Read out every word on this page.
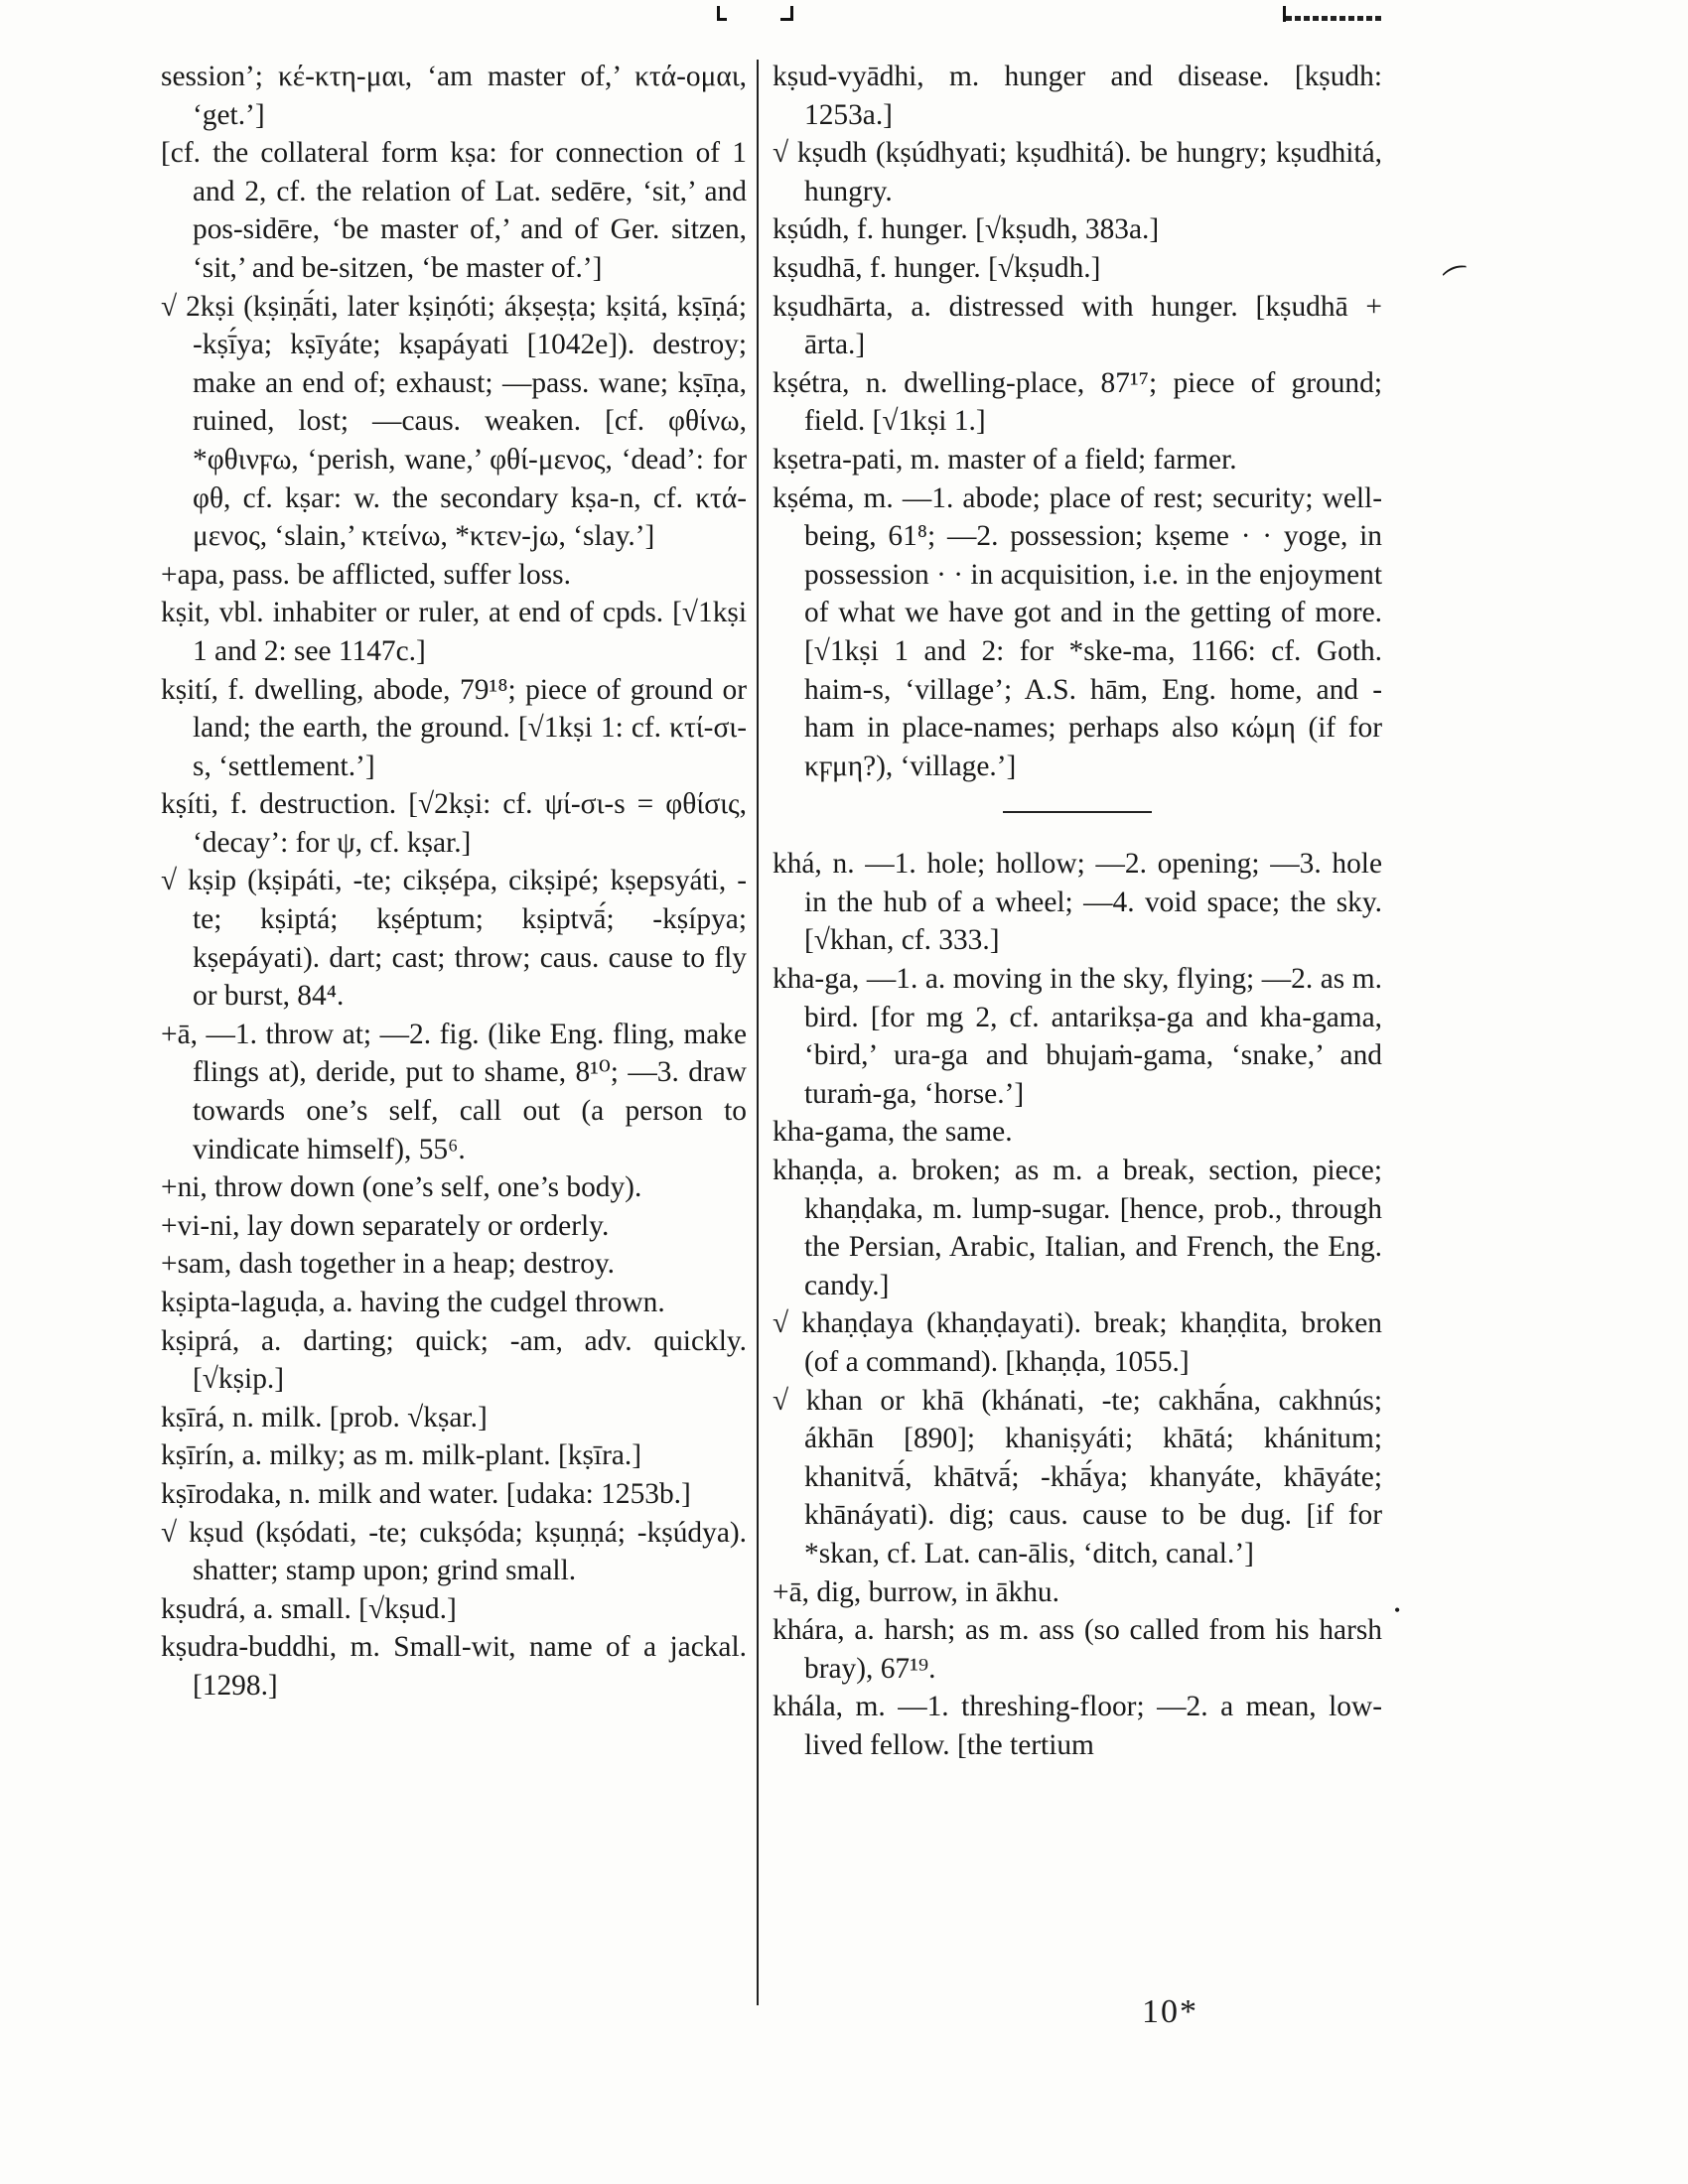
session’; κέ-κτη-μαι, ‘am master of,’ κτά-ομαι, ‘get.’]

[cf. the collateral form kṣa: for connection of 1 and 2, cf. the relation of Lat. sedēre, ‘sit,’ and pos-sidēre, ‘be master of,’ and of Ger. sitzen, ‘sit,’ and be-sitzen, ‘be master of.’]

√ 2kṣi (kṣiṇā́ti, later kṣiṇóti; ákṣeṣṭa; kṣitá, kṣīṇá; -kṣī́ya; kṣīyáte; kṣapáyati [1042e]). destroy; make an end of; exhaust; —pass. wane; kṣīṇa, ruined, lost; —caus. weaken. [cf. φθίνω, *φθινϝω, ‘perish, wane,’ φθί-μενος, ‘dead’: for φθ, cf. kṣar: w. the secondary kṣa-n, cf. κτά-μενος, ‘slain,’ κτείνω, *κτεν-jω, ‘slay.’]

+apa, pass. be afflicted, suffer loss.

kṣit, vbl. inhabiter or ruler, at end of cpds. [√1kṣi 1 and 2: see 1147c.]

kṣití, f. dwelling, abode, 79¹⁸; piece of ground or land; the earth, the ground. [√1kṣi 1: cf. κτί-σι-s, ‘settlement.’]

kṣíti, f. destruction. [√2kṣi: cf. ψί-σι-s = φθίσις, ‘decay’: for ψ, cf. kṣar.]

√ kṣip (kṣipáti, -te; cikṣépa, cikṣipé; kṣepsyáti, -te; kṣiptá; kṣéptum; kṣiptvā́; -kṣípya; kṣepáyati). dart; cast; throw; caus. cause to fly or burst, 84⁴.

+ā, —1. throw at; —2. fig. (like Eng. fling, make flings at), deride, put to shame, 8¹⁰; —3. draw towards one’s self, call out (a person to vindicate himself), 55⁶.

+ni, throw down (one’s self, one’s body).

+vi-ni, lay down separately or orderly.

+sam, dash together in a heap; destroy.

kṣipta-laguḍa, a. having the cudgel thrown.

kṣiprá, a. darting; quick; -am, adv. quickly. [√kṣip.]

kṣīrá, n. milk. [prob. √kṣar.]

kṣīrín, a. milky; as m. milk-plant. [kṣīra.]

kṣīrodaka, n. milk and water. [udaka: 1253b.]

√ kṣud (kṣódati, -te; cukṣóda; kṣuṇṇá; -kṣúdya). shatter; stamp upon; grind small.

kṣudrá, a. small. [√kṣud.]

kṣudra-buddhi, m. Small-wit, name of a jackal. [1298.]

kṣud-vyādhi, m. hunger and disease. [kṣudh: 1253a.]

√ kṣudh (kṣúdhyati; kṣudhitá). be hungry; kṣudhitá, hungry.

kṣúdh, f. hunger. [√kṣudh, 383a.]

kṣudhā, f. hunger. [√kṣudh.]

kṣudhārta, a. distressed with hunger. [kṣudhā + ārta.]

kṣétra, n. dwelling-place, 87¹⁷; piece of ground; field. [√1kṣi 1.]

kṣetra-pati, m. master of a field; farmer.

kṣéma, m. —1. abode; place of rest; security; well-being, 61⁸; —2. possession; kṣeme · · yoge, in possession · · in acquisition, i.e. in the enjoyment of what we have got and in the getting of more. [√1kṣi 1 and 2: for *ske-ma, 1166: cf. Goth. haim-s, ‘village’; A.S. hām, Eng. home, and -ham in place-names; perhaps also κώμη (if for κϝμη?), ‘village.’]

khá, n. —1. hole; hollow; —2. opening; —3. hole in the hub of a wheel; —4. void space; the sky. [√khan, cf. 333.]

kha-ga, —1. a. moving in the sky, flying; —2. as m. bird. [for mg 2, cf. antarikṣa-ga and kha-gama, ‘bird,’ ura-ga and bhujaṁ-gama, ‘snake,’ and turaṁ-ga, ‘horse.’]

kha-gama, the same.

khaṇḍa, a. broken; as m. a break, section, piece; khaṇḍaka, m. lump-sugar. [hence, prob., through the Persian, Arabic, Italian, and French, the Eng. candy.]

√ khaṇḍaya (khaṇḍayati). break; khaṇḍita, broken (of a command). [khaṇḍa, 1055.]

√ khan or khā (khánati, -te; cakhā́na, cakhnús; ákhān [890]; khaniṣyáti; khātá; khánitum; khanitvā́, khātvā́; -khā́ya; khanyáte, khāyáte; khānáyati). dig; caus. cause to be dug. [if for *skan, cf. Lat. can-ālis, ‘ditch, canal.’]

+ā, dig, burrow, in ākhu.

khára, a. harsh; as m. ass (so called from his harsh bray), 67¹⁹.

khála, m. —1. threshing-floor; —2. a mean, low-lived fellow. [the tertium

⁀
•
10*
